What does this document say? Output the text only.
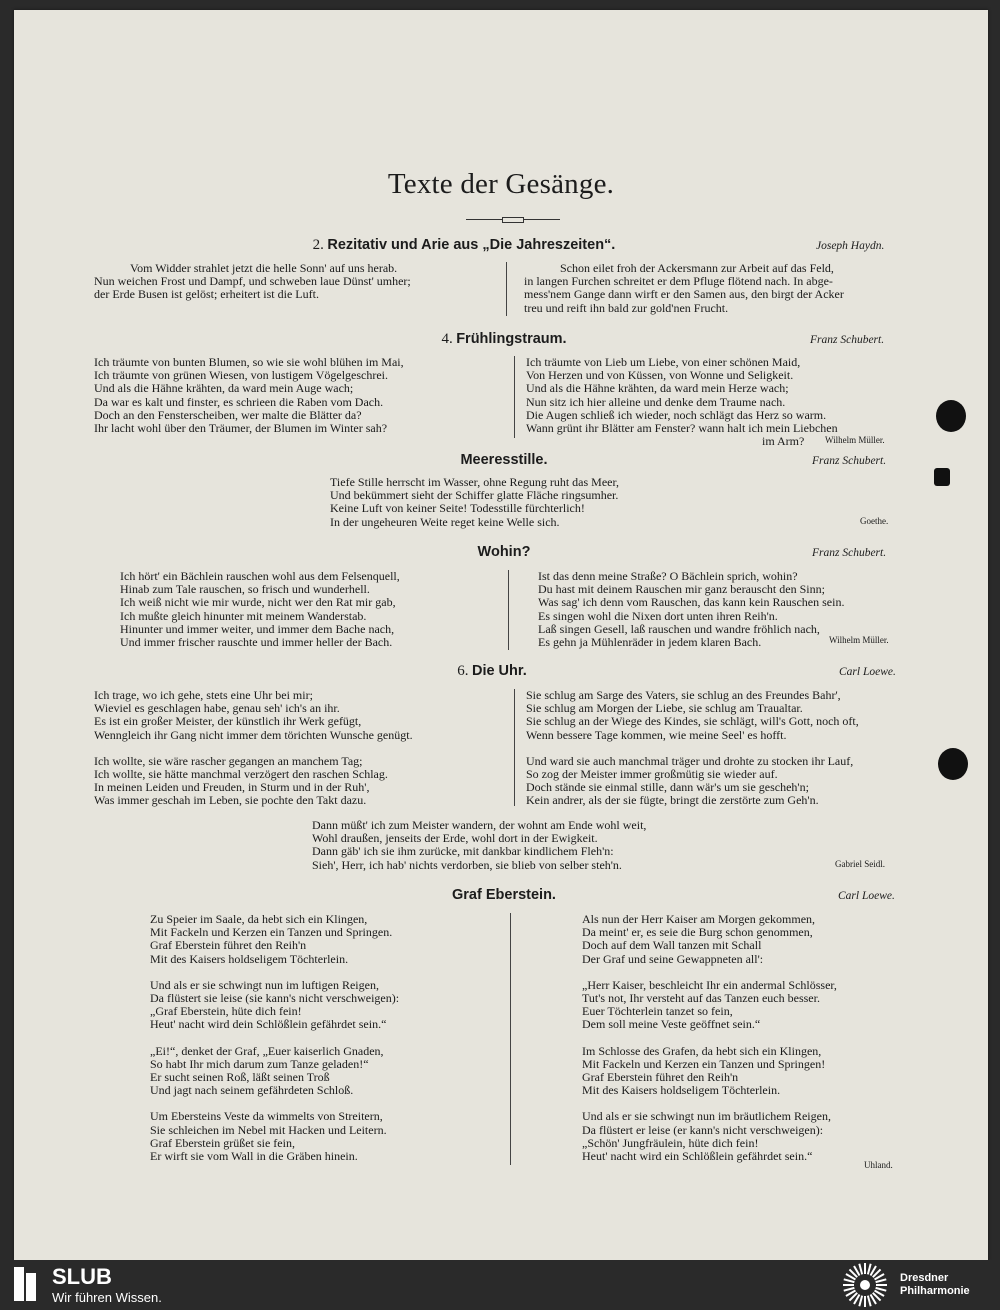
Texte der Gesänge.
2. Rezitativ und Arie aus „Die Jahreszeiten“.	Joseph Haydn.
Vom Widder strahlet jetzt die helle Sonn' auf uns herab.
Nun weichen Frost und Dampf, und schweben laue Dünst' umher;
der Erde Busen ist gelöst; erheitert ist die Luft.
Schon eilet froh der Ackersmann zur Arbeit auf das Feld,
in langen Furchen schreitet er dem Pfluge flötend nach. In abge-
mess'nem Gange dann wirft er den Samen aus, den birgt der Acker
treu und reift ihn bald zur gold'nen Frucht.
4. Frühlingstraum.	Franz Schubert.
Ich träumte von bunten Blumen, so wie sie wohl blühen im Mai,
Ich träumte von grünen Wiesen, von lustigem Vögelgeschrei.
Und als die Hähne krähten, da ward mein Auge wach;
Da war es kalt und finster, es schrieen die Raben vom Dach.
Doch an den Fensterscheiben, wer malte die Blätter da?
Ihr lacht wohl über den Träumer, der Blumen im Winter sah?
Ich träumte von Lieb um Liebe, von einer schönen Maid,
Von Herzen und von Küssen, von Wonne und Seligkeit.
Und als die Hähne krähten, da ward mein Herze wach;
Nun sitz ich hier alleine und denke dem Traume nach.
Die Augen schließ ich wieder, noch schlägt das Herz so warm.
Wann grünt ihr Blätter am Fenster? wann halt ich mein Liebchen
im Arm?	Wilhelm Müller.
Meeresstille.	Franz Schubert.
Tiefe Stille herrscht im Wasser, ohne Regung ruht das Meer,
Und bekümmert sieht der Schiffer glatte Fläche ringsumher.
Keine Luft von keiner Seite! Todesstille fürchterlich!
In der ungeheuren Weite reget keine Welle sich.	Goethe.
Wohin?	Franz Schubert.
Ich hört' ein Bächlein rauschen wohl aus dem Felsenquell,
Hinab zum Tale rauschen, so frisch und wunderhell.
Ich weiß nicht wie mir wurde, nicht wer den Rat mir gab,
Ich mußte gleich hinunter mit meinem Wanderstab.
Hinunter und immer weiter, und immer dem Bache nach,
Und immer frischer rauschte und immer heller der Bach.
Ist das denn meine Straße? O Bächlein sprich, wohin?
Du hast mit deinem Rauschen mir ganz berauscht den Sinn;
Was sag' ich denn vom Rauschen, das kann kein Rauschen sein.
Es singen wohl die Nixen dort unten ihren Reih'n.
Laß singen Gesell, laß rauschen und wandre fröhlich nach,
Es gehn ja Mühlenräder in jedem klaren Bach.	Wilhelm Müller.
6. Die Uhr.	Carl Loewe.
Ich trage, wo ich gehe, stets eine Uhr bei mir;
Wieviel es geschlagen habe, genau seh' ich's an ihr.
Es ist ein großer Meister, der künstlich ihr Werk gefügt,
Wenngleich ihr Gang nicht immer dem törichten Wunsche genügt.
Ich wollte, sie wäre rascher gegangen an manchem Tag;
Ich wollte, sie hätte manchmal verzögert den raschen Schlag.
In meinen Leiden und Freuden, in Sturm und in der Ruh',
Was immer geschah im Leben, sie pochte den Takt dazu.
Sie schlug am Sarge des Vaters, sie schlug an des Freundes Bahr',
Sie schlug am Morgen der Liebe, sie schlug am Traualtar.
Sie schlug an der Wiege des Kindes, sie schlägt, will's Gott, noch oft,
Wenn bessere Tage kommen, wie meine Seel' es hofft.
Und ward sie auch manchmal träger und drohte zu stocken ihr Lauf,
So zog der Meister immer großmütig sie wieder auf.
Doch stände sie einmal stille, dann wär's um sie gescheh'n;
Kein andrer, als der sie fügte, bringt die zerstörte zum Geh'n.
Dann müßt' ich zum Meister wandern, der wohnt am Ende wohl weit,
Wohl draußen, jenseits der Erde, wohl dort in der Ewigkeit.
Dann gäb' ich sie ihm zurücke, mit dankbar kindlichem Fleh'n:
Sieh', Herr, ich hab' nichts verdorben, sie blieb von selber steh'n.	Gabriel Seidl.
Graf Eberstein.	Carl Loewe.
Zu Speier im Saale, da hebt sich ein Klingen,
Mit Fackeln und Kerzen ein Tanzen und Springen.
Graf Eberstein führet den Reih'n
Mit des Kaisers holdseligem Töchterlein.
Und als er sie schwingt nun im luftigen Reigen,
Da flüstert sie leise (sie kann's nicht verschweigen):
„Graf Eberstein, hüte dich fein!
Heut' nacht wird dein Schlößlein gefährdet sein.“
„Ei!“, denket der Graf, „Euer kaiserlich Gnaden,
So habt Ihr mich darum zum Tanze geladen!“
Er sucht seinen Roß, läßt seinen Troß
Und jagt nach seinem gefährdeten Schloß.
Um Ebersteins Veste da wimmelts von Streitern,
Sie schleichen im Nebel mit Hacken und Leitern.
Graf Eberstein grüßet sie fein,
Er wirft sie vom Wall in die Gräben hinein.
Als nun der Herr Kaiser am Morgen gekommen,
Da meint' er, es seie die Burg schon genommen,
Doch auf dem Wall tanzen mit Schall
Der Graf und seine Gewappneten all':
„Herr Kaiser, beschleicht Ihr ein andermal Schlösser,
Tut's not, Ihr versteht auf das Tanzen euch besser.
Euer Töchterlein tanzet so fein,
Dem soll meine Veste geöffnet sein.“
Im Schlosse des Grafen, da hebt sich ein Klingen,
Mit Fackeln und Kerzen ein Tanzen und Springen!
Graf Eberstein führet den Reih'n
Mit des Kaisers holdseligem Töchterlein.
Und als er sie schwingt nun im bräutlichem Reigen,
Da flüstert er leise (er kann's nicht verschweigen):
„Schön' Jungfräulein, hüte dich fein!
Heut' nacht wird ein Schlößlein gefährdet sein.“
Uhland.
SLUB
Wir führen Wissen.
Dresdner
Philharmonie
